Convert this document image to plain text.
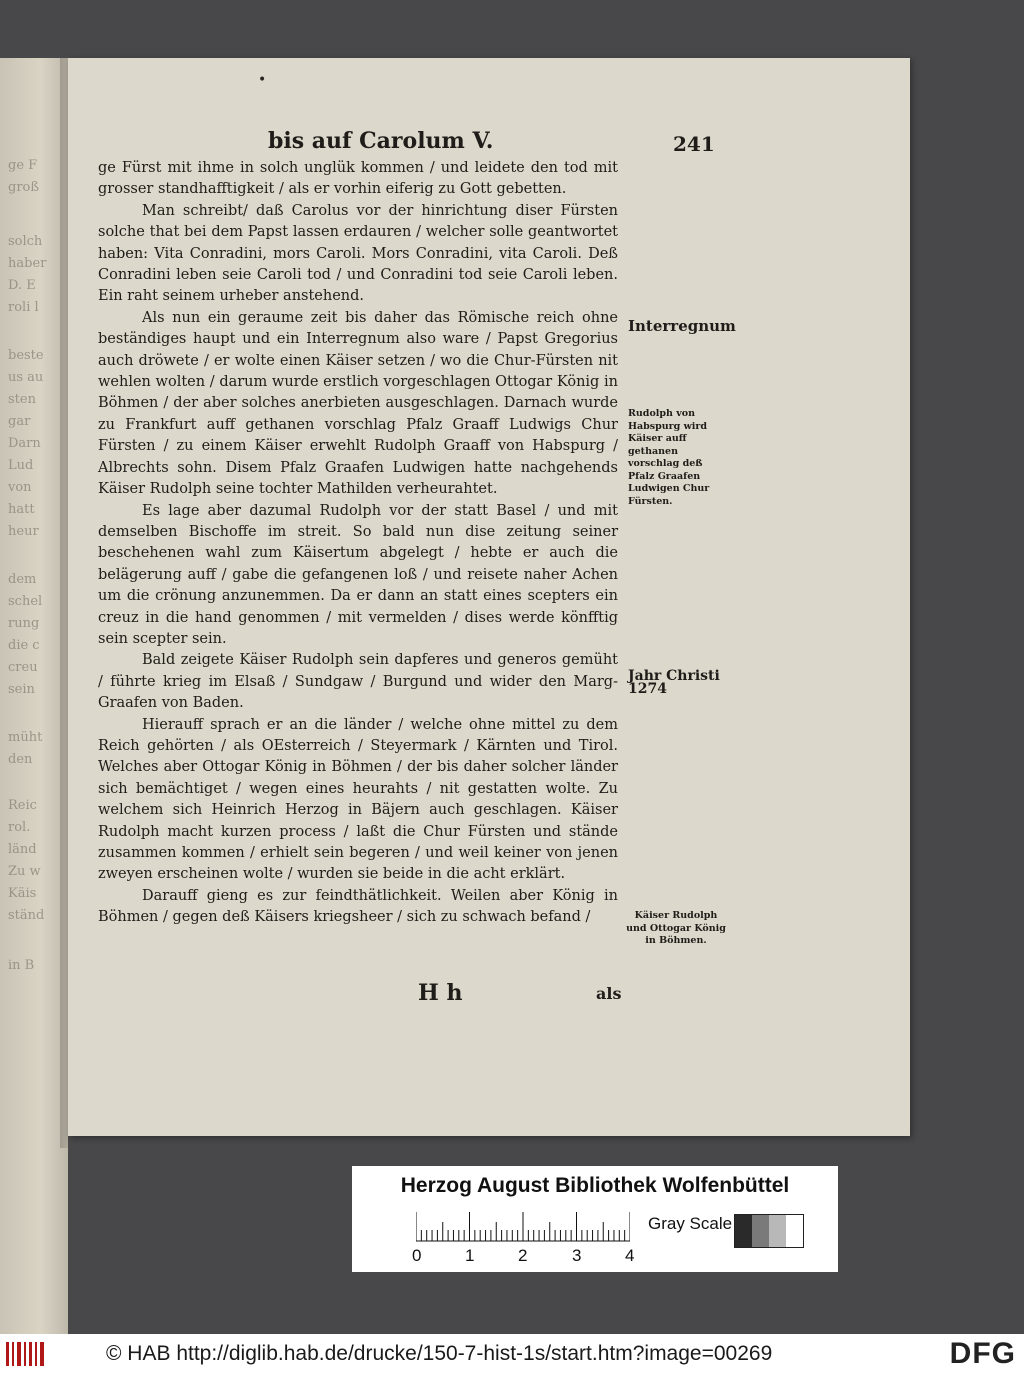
ge F
groß
solch
haber
D. E
roli l
beste
us au
sten
gar
Darn
Lud
von
hatt
heur
dem
schel
rung
die c
creu
sein
müht
den
Reic
rol.
länd
Zu w
Käis
ständ
in B
•
bis auf Carolum V.	241

ge Fürst mit ihme in solch unglük kommen / und leidete den tod mit grosser standhafftigkeit / als er vorhin eiferig zu Gott gebetten.

Man schreibt/ daß Carolus vor der hinrichtung diser Fürsten solche that bei dem Papst lassen erdauren / welcher solle geantwortet haben: Vita Conradini, mors Caroli. Mors Conradini, vita Caroli. Deß Conradini leben seie Caroli tod / und Conradini tod seie Caroli leben. Ein raht seinem urheber anstehend.

Als nun ein geraume zeit bis daher das Römische reich ohne beständiges haupt und ein Interregnum also ware / Papst Gregorius auch dröwete / er wolte einen Käiser setzen / wo die Chur-Fürsten nit wehlen wolten / darum wurde erstlich vorgeschlagen Ottogar König in Böhmen / der aber solches anerbieten ausgeschlagen. Darnach wurde zu Frankfurt auff gethanen vorschlag Pfalz Graaff Ludwigs Chur Fürsten / zu einem Käiser erwehlt Rudolph Graaff von Habspurg / Albrechts sohn. Disem Pfalz Graafen Ludwigen hatte nachgehends Käiser Rudolph seine tochter Mathilden verheurahtet.

Es lage aber dazumal Rudolph vor der statt Basel / und mit demselben Bischoffe im streit. So bald nun dise zeitung seiner beschehenen wahl zum Käisertum abgelegt / hebte er auch die belägerung auff / gabe die gefangenen loß / und reisete naher Achen um die crönung anzunemmen. Da er dann an statt eines scepters ein creuz in die hand genommen / mit vermelden / dises werde könfftig sein scepter sein.

Bald zeigete Käiser Rudolph sein dapferes und generos gemüht / führte krieg im Elsaß / Sundgaw / Burgund und wider den Marg-Graafen von Baden.

Hierauff sprach er an die länder / welche ohne mittel zu dem Reich gehörten / als OEsterreich / Steyermark / Kärnten und Tirol. Welches aber Ottogar König in Böhmen / der bis daher solcher länder sich bemächtiget / wegen eines heurahts / nit gestatten wolte. Zu welchem sich Heinrich Herzog in Bäjern auch geschlagen. Käiser Rudolph macht kurzen process / laßt die Chur Fürsten und stände zusammen kommen / erhielt sein begeren / und weil keiner von jenen zweyen erscheinen wolte / wurden sie beide in die acht erklärt.

Darauff gieng es zur feindthätlichkeit. Weilen aber König in Böhmen / gegen deß Käisers kriegsheer / sich zu schwach befand /

Interregnum
Rudolph von Habspurg wird Käiser auff gethanen vorschlag deß Pfalz Graafen Ludwigen Chur Fürsten.
Jahr Christi 1274
Käiser Rudolph und Ottogar König in Böhmen.
H h	als
Herzog August Bibliothek Wolfenbüttel
0	1	2	3	4
Gray Scale
© HAB http://diglib.hab.de/drucke/150-7-hist-1s/start.htm?image=00269	DFG
